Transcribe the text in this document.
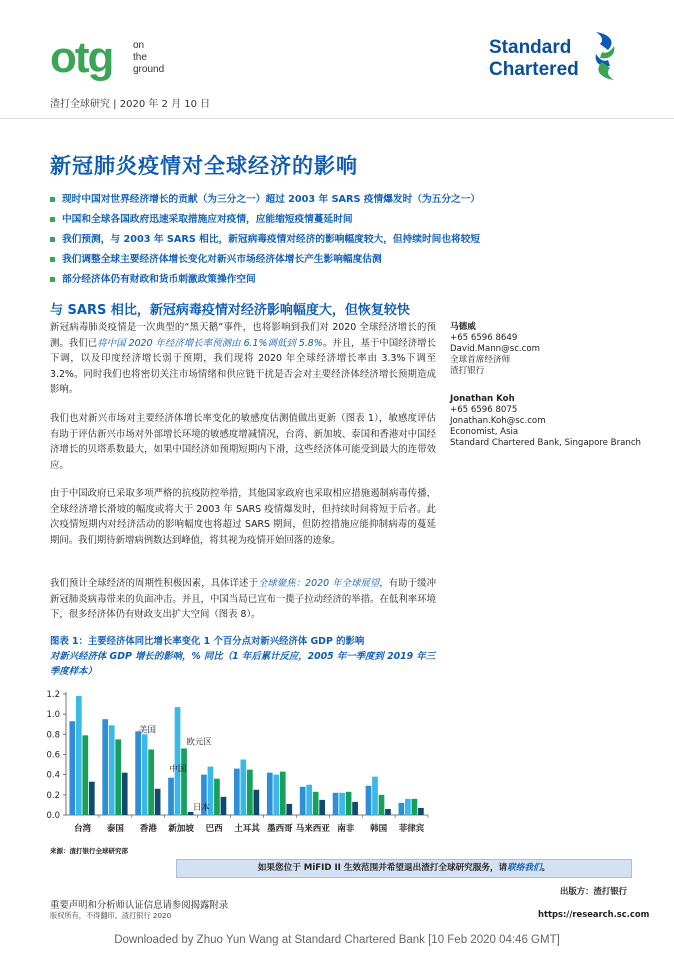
otg on
the
ground
Standard
Chartered
渣打全球研究 | 2020 年 2 月 10 日
新冠肺炎疫情对全球经济的影响
现时中国对世界经济增长的贡献（为三分之一）超过 2003 年 SARS 疫情爆发时（为五分之一）
中国和全球各国政府迅速采取措施应对疫情，应能缩短疫情蔓延时间
我们预测，与 2003 年 SARS 相比，新冠病毒疫情对经济的影响幅度较大，但持续时间也将较短
我们调整全球主要经济体增长变化对新兴市场经济体增长产生影响幅度估测
部分经济体仍有财政和货币刺激政策操作空间
与 SARS 相比，新冠病毒疫情对经济影响幅度大，但恢复较快
新冠病毒肺炎疫情是一次典型的“黑天鹅”事件，也将影响到我们对 2020 全球经济增长的预测。我们已将中国 2020 年经济增长率预测由 6.1%调低到 5.8%。并且，基于中国经济增长下调，以及印度经济增长弱于预期，我们现将 2020 年全球经济增长率由 3.3%下调至 3.2%。同时我们也将密切关注市场情绪和供应链干扰是否会对主要经济体经济增长预期造成影响。
我们也对新兴市场对主要经济体增长率变化的敏感度估测值做出更新（图表 1），敏感度评估有助于评估新兴市场对外部增长环境的敏感度增减情况，台湾、新加坡、泰国和香港对中国经济增长的贝塔系数最大，如果中国经济如预期短期内下滑，这些经济体可能受到最大的连带效应。
由于中国政府已采取多项严格的抗疫防控举措，其他国家政府也采取相应措施遏制病毒传播，全球经济增长滑坡的幅度或将大于 2003 年 SARS 疫情爆发时，但持续时间将短于后者。此次疫情短期内对经济活动的影响幅度也将超过 SARS 期间，但防控措施应能抑制病毒的蔓延期间。我们期待新增病例数达到峰值，将其视为疫情开始回落的迹象。
我们预计全球经济的周期性积极因素，具体详述于全球聚焦：2020 年全球展望，有助于缓冲新冠肺炎病毒带来的负面冲击。并且，中国当局已宣布一揽子拉动经济的举措。在低利率环境下，很多经济体仍有财政支出扩大空间（图表 8）。
马德威
+65 6596 8649
David.Mann@sc.com
全球首席经济师
渣打银行
Jonathan Koh
+65 6596 8075
Jonathan.Koh@sc.com
Economist, Asia
Standard Chartered Bank, Singapore Branch
图表 1：主要经济体同比增长率变化 1 个百分点对新兴经济体 GDP 的影响
对新兴经济体 GDP 增长的影响，% 同比（1 年后累计反应，2005 年一季度到 2019 年三季度样本）
0.0
0.2
0.4
0.6
0.8
1.0
1.2
台湾 泰国 香港 新加坡 巴西 土耳其 墨西哥 马来西亚 南非 韩国 菲律宾
中国
欧元区
美国
日本
来源：渣打银行全球研究部
如果您位于 MiFID II 生效范围并希望退出渣打全球研究服务，请联络我们。
出版方：渣打银行
重要声明和分析师认证信息请参阅揭露附录
版权所有，不得翻印。渣打银行 2020	https://research.sc.com
Downloaded by Zhuo Yun Wang at Standard Chartered Bank [10 Feb 2020 04:46 GMT]
